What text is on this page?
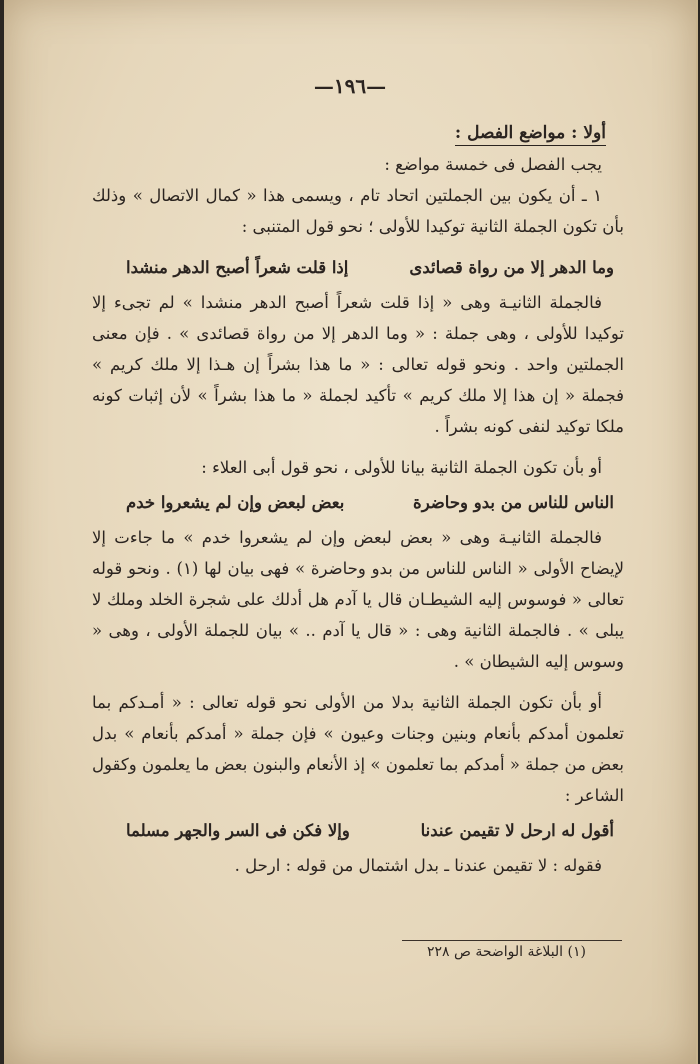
—١٩٦—

أولا : مواضع الفصل :

يجب الفصل فى خمسة مواضع :

١ ـ أن يكون بين الجملتين اتحاد تام ، ويسمى هذا « كمال الاتصال » وذلك بأن تكون الجملة الثانية توكيدا للأولى ؛ نحو قول المتنبى :

وما الدهر إلا من رواة قصائدى
إذا قلت شعراً أصبح الدهر منشدا

فالجملة الثانيـة وهى « إذا قلت شعراً أصبح الدهر منشدا » لم تجىء إلا توكيدا للأولى ، وهى جملة : « وما الدهر إلا من رواة قصائدى » . فإن معنى الجملتين واحد . ونحو قوله تعالى : « ما هذا بشراً إن هـذا إلا ملك كريم » فجملة « إن هذا إلا ملك كريم » تأكيد لجملة « ما هذا بشراً » لأن إثبات كونه ملكا توكيد لنفى كونه بشراً .

أو بأن تكون الجملة الثانية بيانا للأولى ، نحو قول أبى العلاء :

الناس للناس من بدو وحاضرة
بعض لبعض وإن لم يشعروا خدم

فالجملة الثانيـة وهى « بعض لبعض وإن لم يشعروا خدم » ما جاءت إلا لإيضاح الأولى « الناس للناس من بدو وحاضرة » فهى بيان لها (١) . ونحو قوله تعالى « فوسوس إليه الشيطـان قال يا آدم هل أدلك على شجرة الخلد وملك لا يبلى » . فالجملة الثانية وهى : « قال يا آدم .. » بيان للجملة الأولى ، وهى « وسوس إليه الشيطان » .

أو بأن تكون الجملة الثانية بدلا من الأولى نحو قوله تعالى : « أمـدكم بما تعلمون أمدكم بأنعام وبنين وجنات وعيون » فإن جملة « أمدكم بأنعام » بدل بعض من جملة « أمدكم بما تعلمون » إذ الأنعام والبنون بعض ما يعلمون وكقول الشاعر :

أقول له ارحل لا تقيمن عندنا
وإلا فكن فى السر والجهر مسلما

فقوله : لا تقيمن عندنا ـ بدل اشتمال من قوله : ارحل .

(١) البلاغة الواضحة ص ٢٢٨
